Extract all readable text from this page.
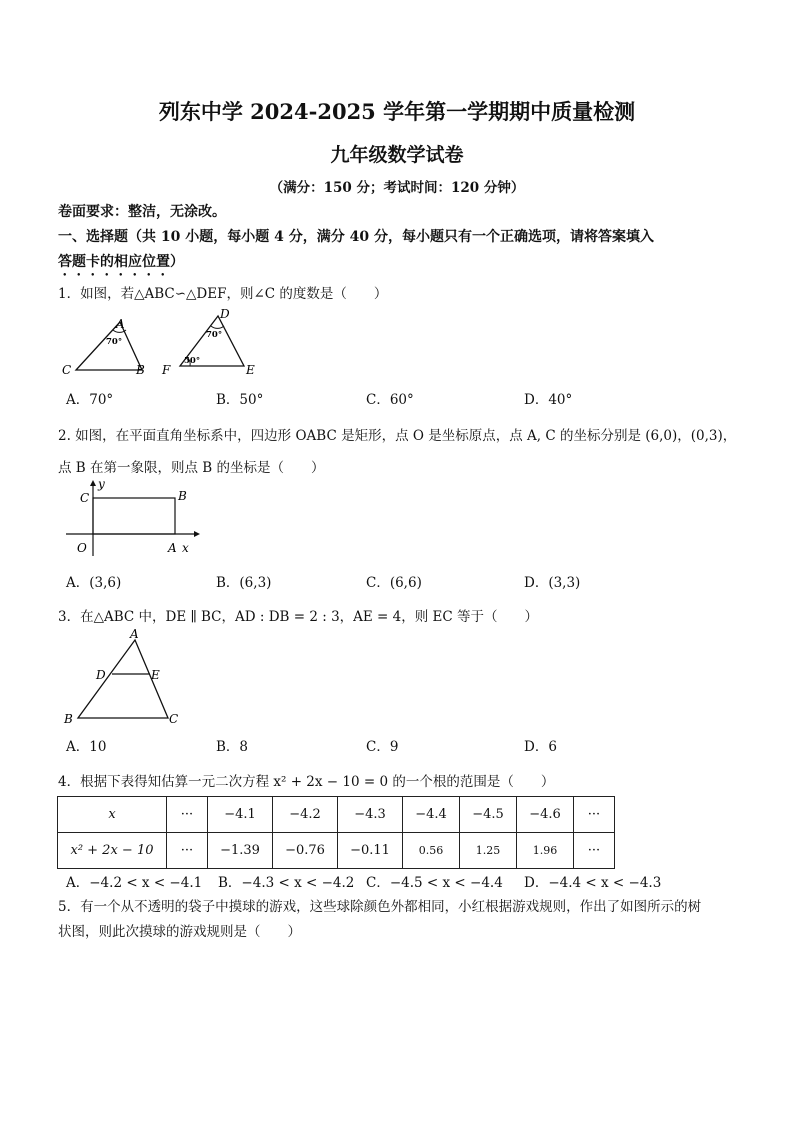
列东中学 2024-2025 学年第一学期期中质量检测
九年级数学试卷
（满分：150 分；考试时间：120 分钟）
卷面要求：整洁，无涂改。
一、选择题（共 10 小题，每小题 4 分，满分 40 分，每小题只有一个正确选项，请将答案填入
答题卡的相应位置）
1．如图，若△ABC∽△DEF，则∠C 的度数是（　　）
A
C	B
70°
D
F	E
70°
50°
A．70°	B．50°	C．60°	D．40°
2. 如图，在平面直角坐标系中，四边形 OABC 是矩形，点 O 是坐标原点，点 A, C 的坐标分别是 (6,0)，(0,3)，
点 B 在第一象限，则点 B 的坐标是（　　）
y
C	B
O	A x
A．(3,6)	B．(6,3)	C．(6,6)	D．(3,3)
3．在△ABC 中，DE ∥ BC，AD : DB = 2 : 3，AE = 4，则 EC 等于（　　）
A
D	E
B	C
A．10	B．8	C．9	D．6
4．根据下表得知估算一元二次方程 x² + 2x − 10 = 0 的一个根的范围是（　　）
x	···	−4.1	−4.2	−4.3	−4.4	−4.5	−4.6	···
x² + 2x − 10	···	−1.39	−0.76	−0.11	0.56	1.25	1.96	···
A．−4.2 < x < −4.1 B．−4.3 < x < −4.2 C．−4.5 < x < −4.4 D．−4.4 < x < −4.3
5．有一个从不透明的袋子中摸球的游戏，这些球除颜色外都相同，小红根据游戏规则，作出了如图所示的树
状图，则此次摸球的游戏规则是（　　）
